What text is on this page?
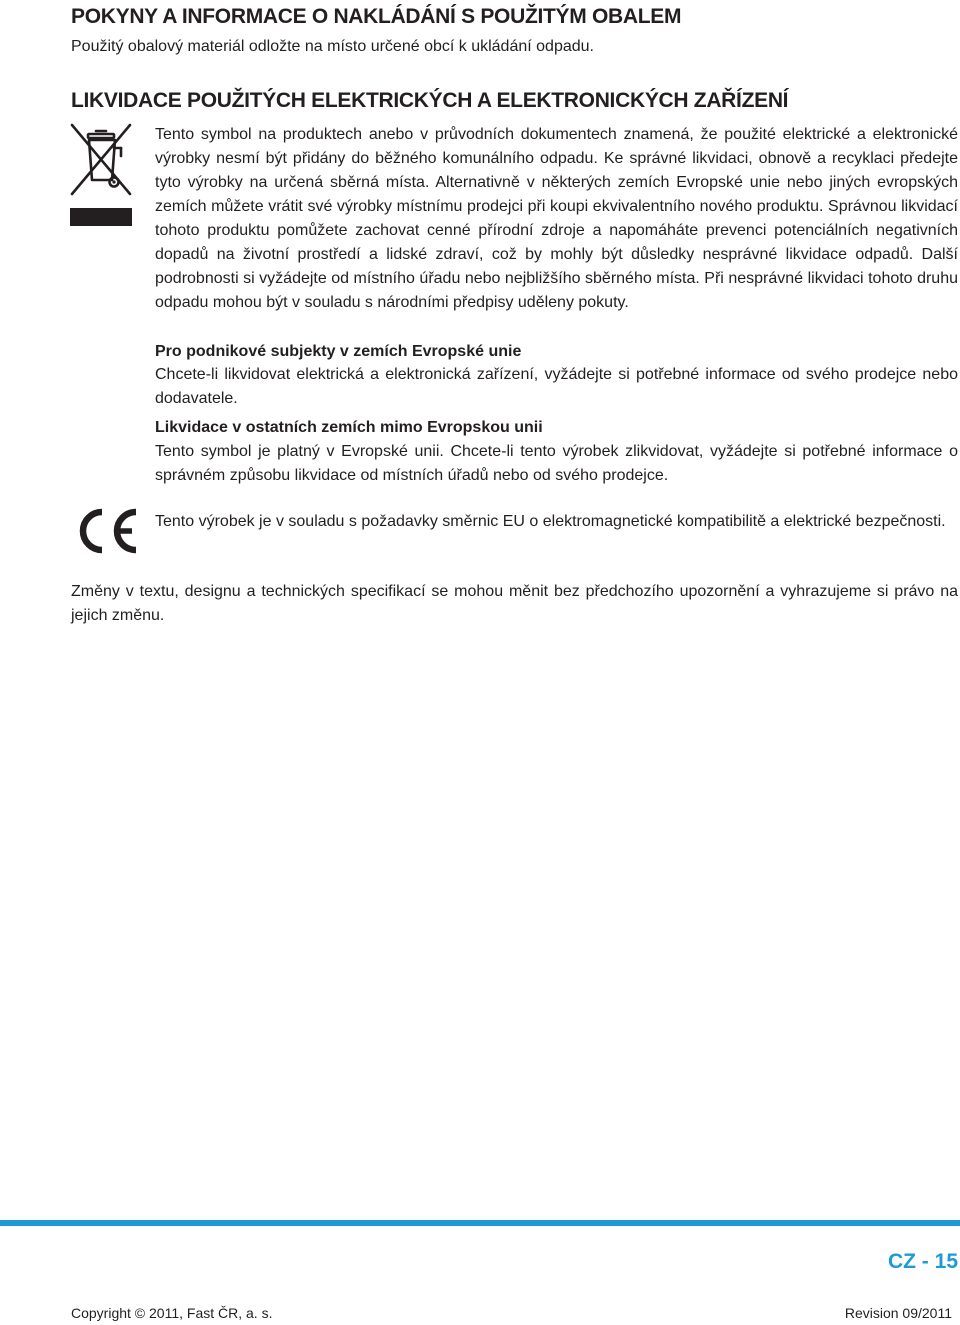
POKYNY A INFORMACE O NAKLÁDÁNÍ S POUŽITÝM OBALEM

Použitý obalový materiál odložte na místo určené obcí k ukládání odpadu.

LIKVIDACE POUŽITÝCH ELEKTRICKÝCH A ELEKTRONICKÝCH ZAŘÍZENÍ

Tento symbol na produktech anebo v průvodních dokumentech znamená, že použité elektrické a elektronické výrobky nesmí být přidány do běžného komunálního odpadu. Ke správné likvidaci, obnově a recyklaci předejte tyto výrobky na určená sběrná místa. Alternativně v některých zemích Evropské unie nebo jiných evropských zemích můžete vrátit své výrobky místnímu prodejci při koupi ekvivalentního nového produktu. Správnou likvidací tohoto produktu pomůžete zachovat cenné přírodní zdroje a napomáháte prevenci potenciálních negativních dopadů na životní prostředí a lidské zdraví, což by mohly být důsledky nesprávné likvidace odpadů. Další podrobnosti si vyžádejte od místního úřadu nebo nejbližšího sběrného místa. Při nesprávné likvidaci tohoto druhu odpadu mohou být v souladu s národními předpisy uděleny pokuty.

Pro podnikové subjekty v zemích Evropské unie

Chcete-li likvidovat elektrická a elektronická zařízení, vyžádejte si potřebné informace od svého prodejce nebo dodavatele.

Likvidace v ostatních zemích mimo Evropskou unii

Tento symbol je platný v Evropské unii. Chcete-li tento výrobek zlikvidovat, vyžádejte si potřebné informace o správném způsobu likvidace od místních úřadů nebo od svého prodejce.

Tento výrobek je v souladu s požadavky směrnic EU o elektromagnetické kompatibilitě a elektrické bezpečnosti.

Změny v textu, designu a technických specifikací se mohou měnit bez předchozího upozornění a vyhrazujeme si právo na jejich změnu.

CZ - 15
Copyright © 2011, Fast ČR, a. s.	Revision 09/2011
